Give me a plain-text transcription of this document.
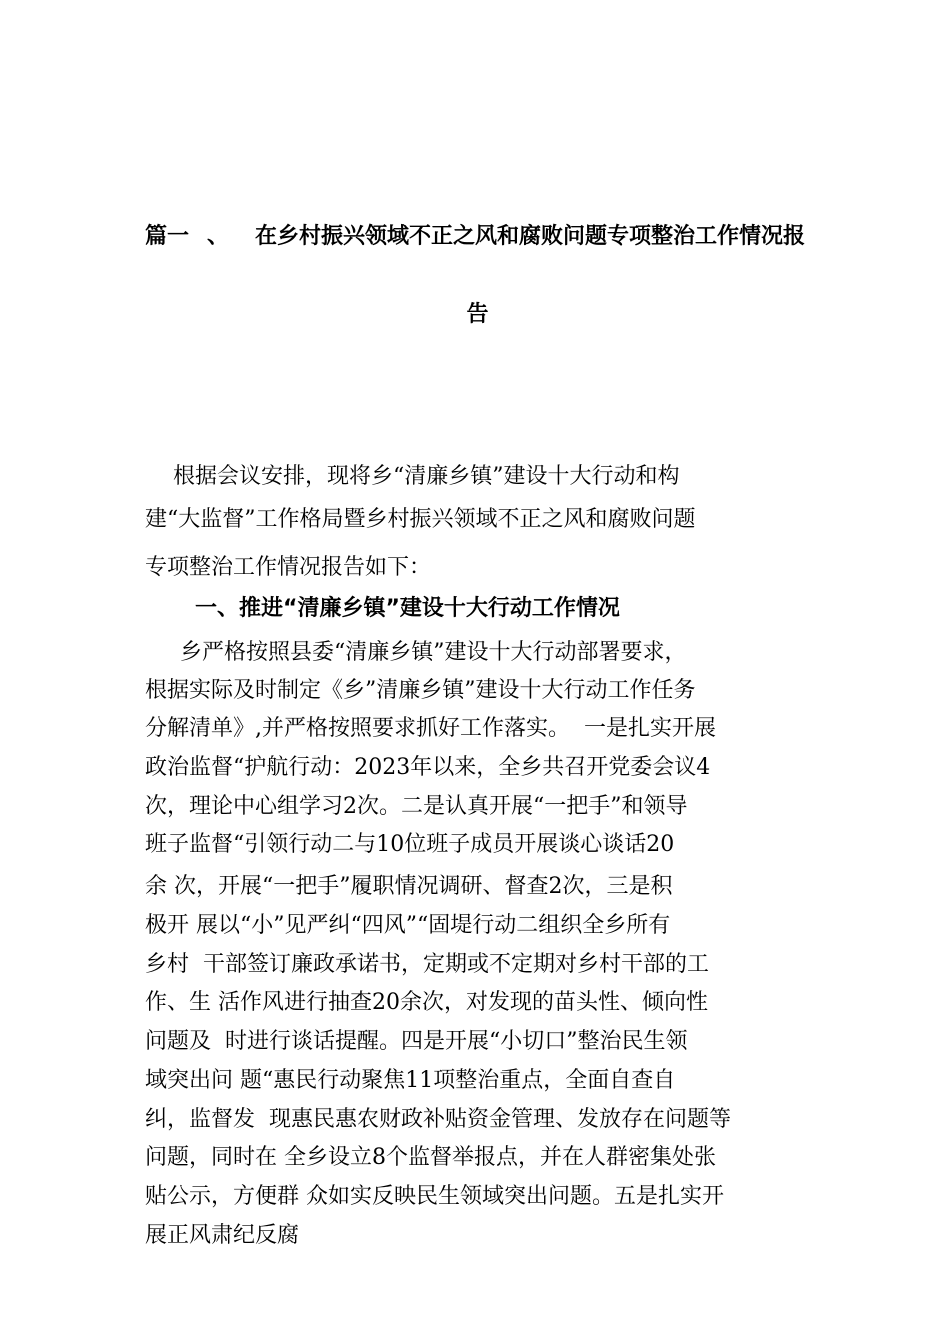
篇一 、 在乡村振兴领域不正之风和腐败问题专项整治工作情况报
告
根据会议安排，现将乡“清廉乡镇”建设十大行动和构
建“大监督”工作格局暨乡村振兴领域不正之风和腐败问题
专项整治工作情况报告如下：
一、推进“清廉乡镇”建设十大行动工作情况
乡严格按照县委“清廉乡镇”建设十大行动部署要求，
根据实际及时制定《乡”清廉乡镇”建设十大行动工作任务
分解清单》,并严格按照要求抓好工作落实。  一是扎实开展
政治监督“护航行动：2023年以来，全乡共召开党委会议4
次，理论中心组学习2次。二是认真开展“一把手”和领导
班子监督“引领行动二与10位班子成员开展谈心谈话20
余 次，开展“一把手”履职情况调研、督查2次，三是积
极开 展以“小”见严纠“四风”“固堤行动二组织全乡所有
乡村  干部签订廉政承诺书，定期或不定期对乡村干部的工
作、生 活作风进行抽查20余次，对发现的苗头性、倾向性
问题及  时进行谈话提醒。四是开展“小切口”整治民生领
域突出问 题“惠民行动聚焦11项整治重点，全面自查自
纠，监督发  现惠民惠农财政补贴资金管理、发放存在问题等
问题，同时在 全乡设立8个监督举报点，并在人群密集处张
贴公示，方便群 众如实反映民生领域突出问题。五是扎实开
展正风肃纪反腐
